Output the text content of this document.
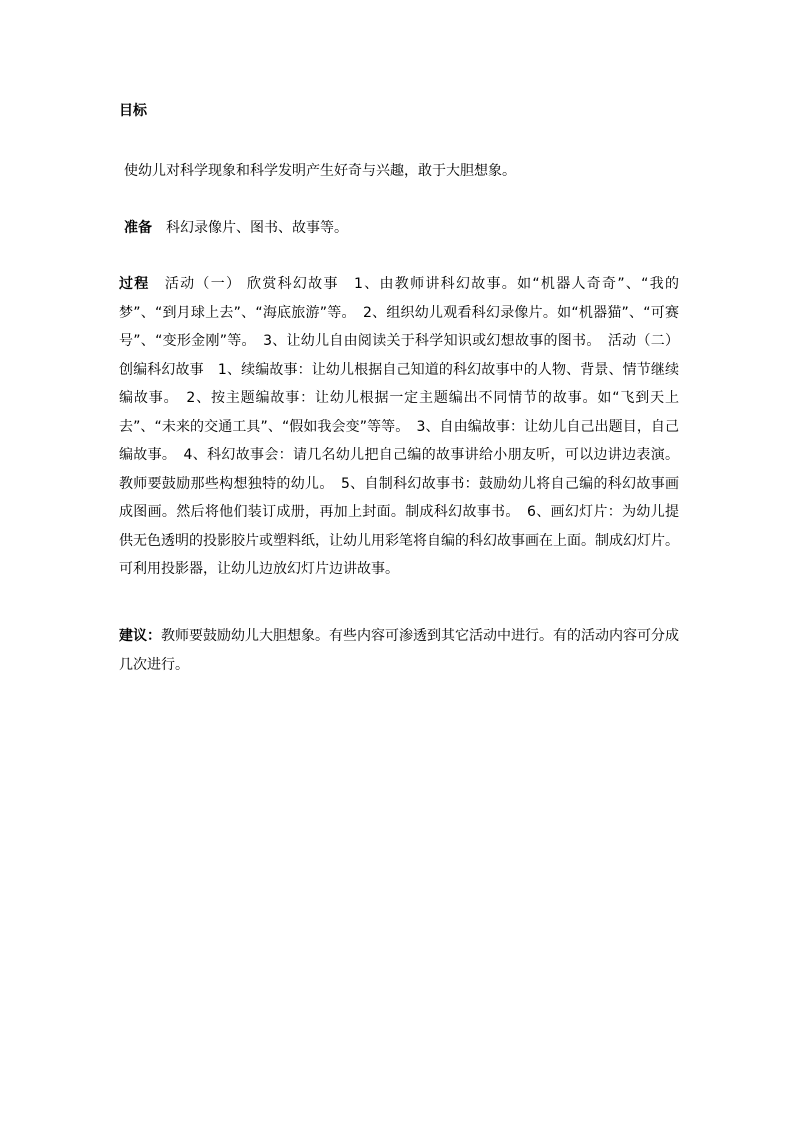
目标
使幼儿对科学现象和科学发明产生好奇与兴趣，敢于大胆想象。
准备 科幻录像片、图书、故事等。
过程 活动（一） 欣赏科幻故事　1、由教师讲科幻故事。如“机器人奇奇”、“我的梦”、“到月球上去”、“海底旅游”等。　2、组织幼儿观看科幻录像片。如“机器猫”、“可赛号”、“变形金刚”等。　3、让幼儿自由阅读关于科学知识或幻想故事的图书。　活动（二） 创编科幻故事　1、续编故事：让幼儿根据自己知道的科幻故事中的人物、背景、情节继续编故事。　2、按主题编故事：让幼儿根据一定主题编出不同情节的故事。如“飞到天上去”、“未来的交通工具”、“假如我会变”等等。　3、自由编故事：让幼儿自己出题目，自己编故事。　4、科幻故事会：请几名幼儿把自己编的故事讲给小朋友听，可以边讲边表演。教师要鼓励那些构想独特的幼儿。　5、自制科幻故事书：鼓励幼儿将自己编的科幻故事画成图画。然后将他们装订成册，再加上封面。制成科幻故事书。　6、画幻灯片：为幼儿提供无色透明的投影胶片或塑料纸，让幼儿用彩笔将自编的科幻故事画在上面。制成幻灯片。可利用投影器，让幼儿边放幻灯片边讲故事。
建议：教师要鼓励幼儿大胆想象。有些内容可渗透到其它活动中进行。有的活动内容可分成几次进行。
